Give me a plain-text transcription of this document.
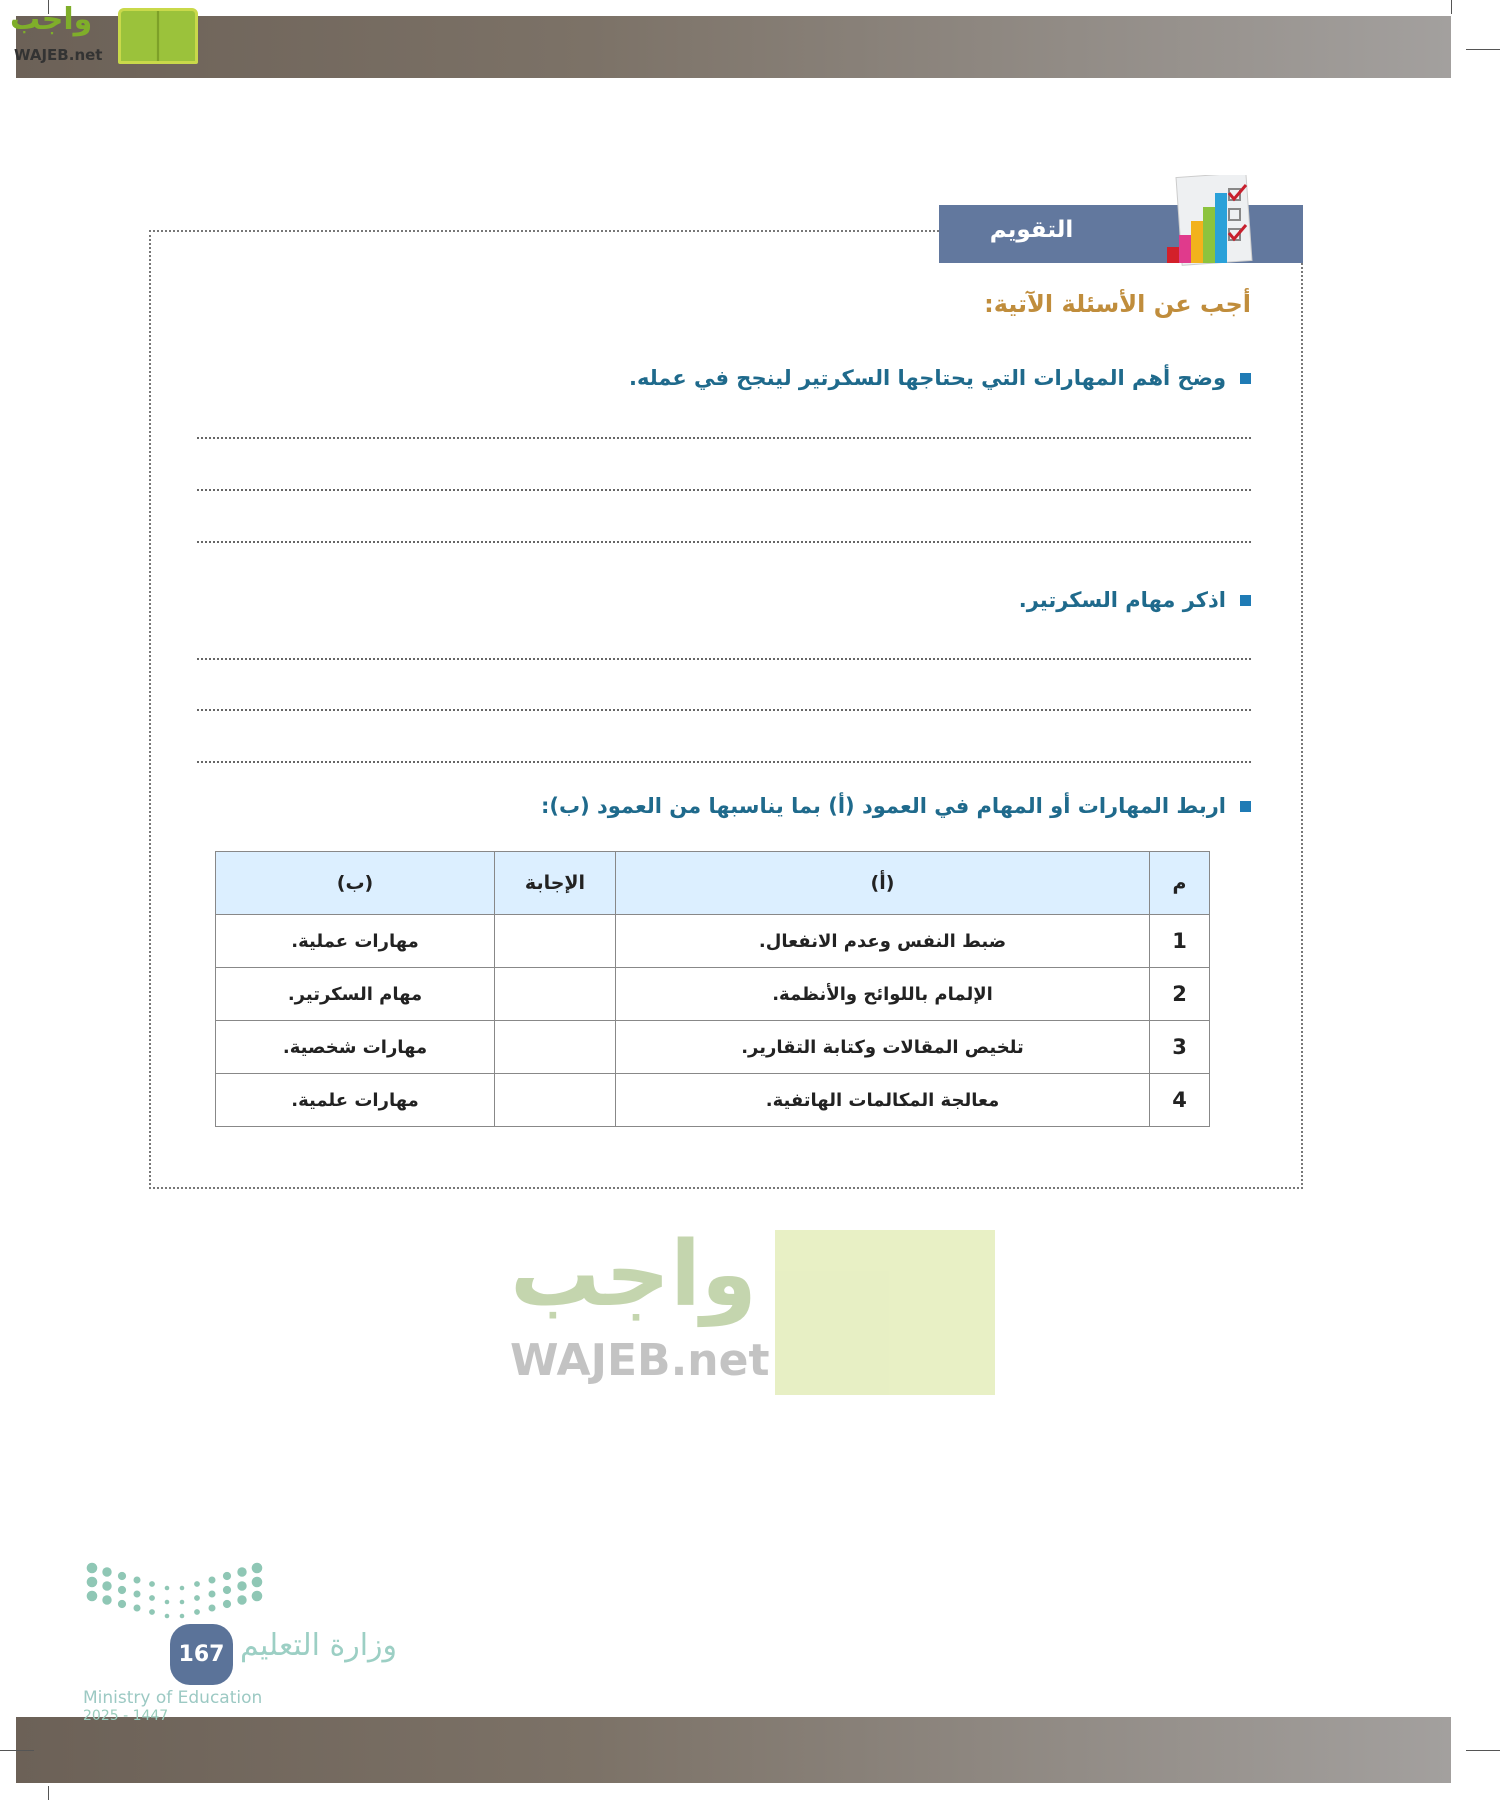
واجب
WAJEB.net
التقويم
أجب عن الأسئلة الآتية:
وضح أهم المهارات التي يحتاجها السكرتير لينجح في عمله.
اذكر مهام السكرتير.
اربط المهارات أو المهام في العمود (أ) بما يناسبها من العمود (ب):
م	(أ)	الإجابة	(ب)
1	ضبط النفس وعدم الانفعال.		مهارات عملية.
2	الإلمام باللوائح والأنظمة.		مهام السكرتير.
3	تلخيص المقالات وكتابة التقارير.		مهارات شخصية.
4	معالجة المكالمات الهاتفية.		مهارات علمية.
واجب
WAJEB.net
167 وزارة التعليم
Ministry of Education
2025 - 1447
